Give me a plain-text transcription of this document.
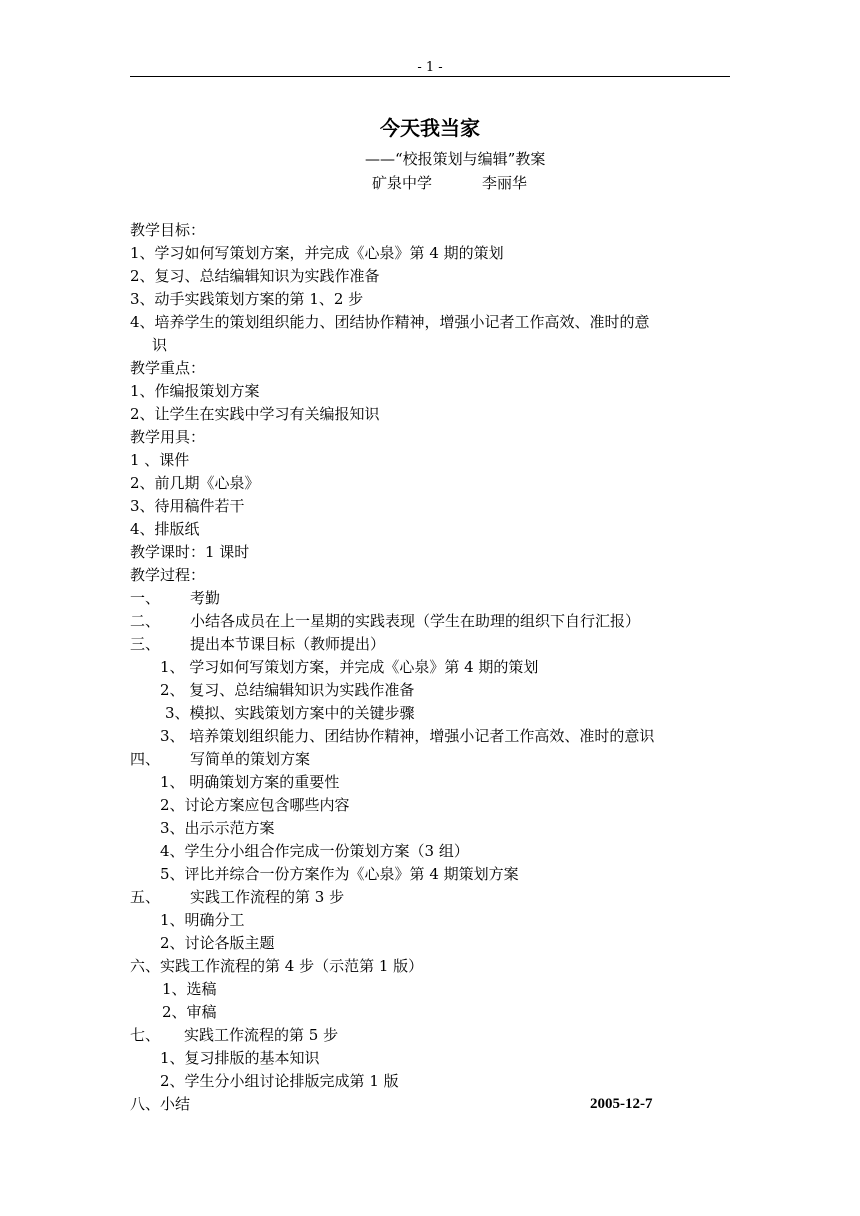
- 1 -
今天我当家
——“校报策划与编辑”教案
矿泉中学	李丽华
教学目标：
1、学习如何写策划方案，并完成《心泉》第 4 期的策划
2、复习、总结编辑知识为实践作准备
3、动手实践策划方案的第 1、2 步
4、培养学生的策划组织能力、团结协作精神，增强小记者工作高效、准时的意
识
教学重点：
1、作编报策划方案
2、让学生在实践中学习有关编报知识
教学用具：
1 、课件
2、前几期《心泉》
3、待用稿件若干
4、排版纸
教学课时：1 课时
教学过程：
一、 考勤
二、 小结各成员在上一星期的实践表现（学生在助理的组织下自行汇报）
三、 提出本节课目标（教师提出）
1、 学习如何写策划方案，并完成《心泉》第 4 期的策划
2、 复习、总结编辑知识为实践作准备
3、模拟、实践策划方案中的关键步骤
3、 培养策划组织能力、团结协作精神，增强小记者工作高效、准时的意识
四、 写简单的策划方案
1、 明确策划方案的重要性
2、讨论方案应包含哪些内容
3、出示示范方案
4、学生分小组合作完成一份策划方案（3 组）
5、评比并综合一份方案作为《心泉》第 4 期策划方案
五、 实践工作流程的第 3 步
1、明确分工
2、讨论各版主题
六、实践工作流程的第 4 步（示范第 1 版）
1、选稿
2、审稿
七、 实践工作流程的第 5 步
1、复习排版的基本知识
2、学生分小组讨论排版完成第 1 版
八、小结	2005-12-7
